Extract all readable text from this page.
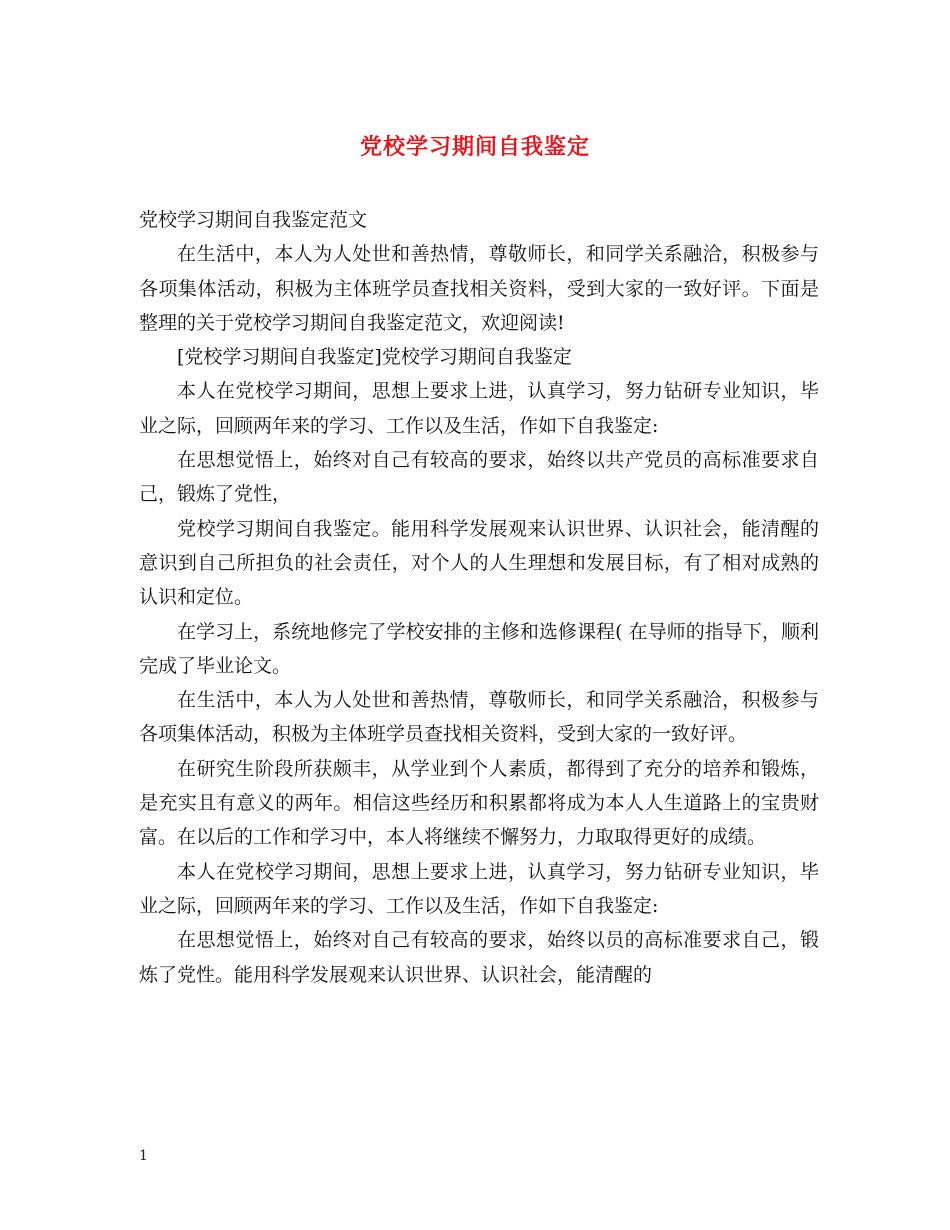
党校学习期间自我鉴定

党校学习期间自我鉴定范文

在生活中，本人为人处世和善热情，尊敬师长，和同学关系融洽，积极参与各项集体活动，积极为主体班学员查找相关资料，受到大家的一致好评。下面是整理的关于党校学习期间自我鉴定范文，欢迎阅读!

[党校学习期间自我鉴定]党校学习期间自我鉴定

本人在党校学习期间，思想上要求上进，认真学习，努力钻研专业知识，毕业之际，回顾两年来的学习、工作以及生活，作如下自我鉴定:

在思想觉悟上，始终对自己有较高的要求，始终以共产党员的高标准要求自己，锻炼了党性，

党校学习期间自我鉴定。能用科学发展观来认识世界、认识社会，能清醒的意识到自己所担负的社会责任，对个人的人生理想和发展目标，有了相对成熟的认识和定位。

在学习上，系统地修完了学校安排的主修和选修课程( 在导师的指导下，顺利完成了毕业论文。

在生活中，本人为人处世和善热情，尊敬师长，和同学关系融洽，积极参与各项集体活动，积极为主体班学员查找相关资料，受到大家的一致好评。

在研究生阶段所获颇丰，从学业到个人素质，都得到了充分的培养和锻炼，是充实且有意义的两年。相信这些经历和积累都将成为本人人生道路上的宝贵财富。在以后的工作和学习中，本人将继续不懈努力，力取取得更好的成绩。

本人在党校学习期间，思想上要求上进，认真学习，努力钻研专业知识，毕业之际，回顾两年来的学习、工作以及生活，作如下自我鉴定:

在思想觉悟上，始终对自己有较高的要求，始终以员的高标准要求自己，锻炼了党性。能用科学发展观来认识世界、认识社会，能清醒的

1
